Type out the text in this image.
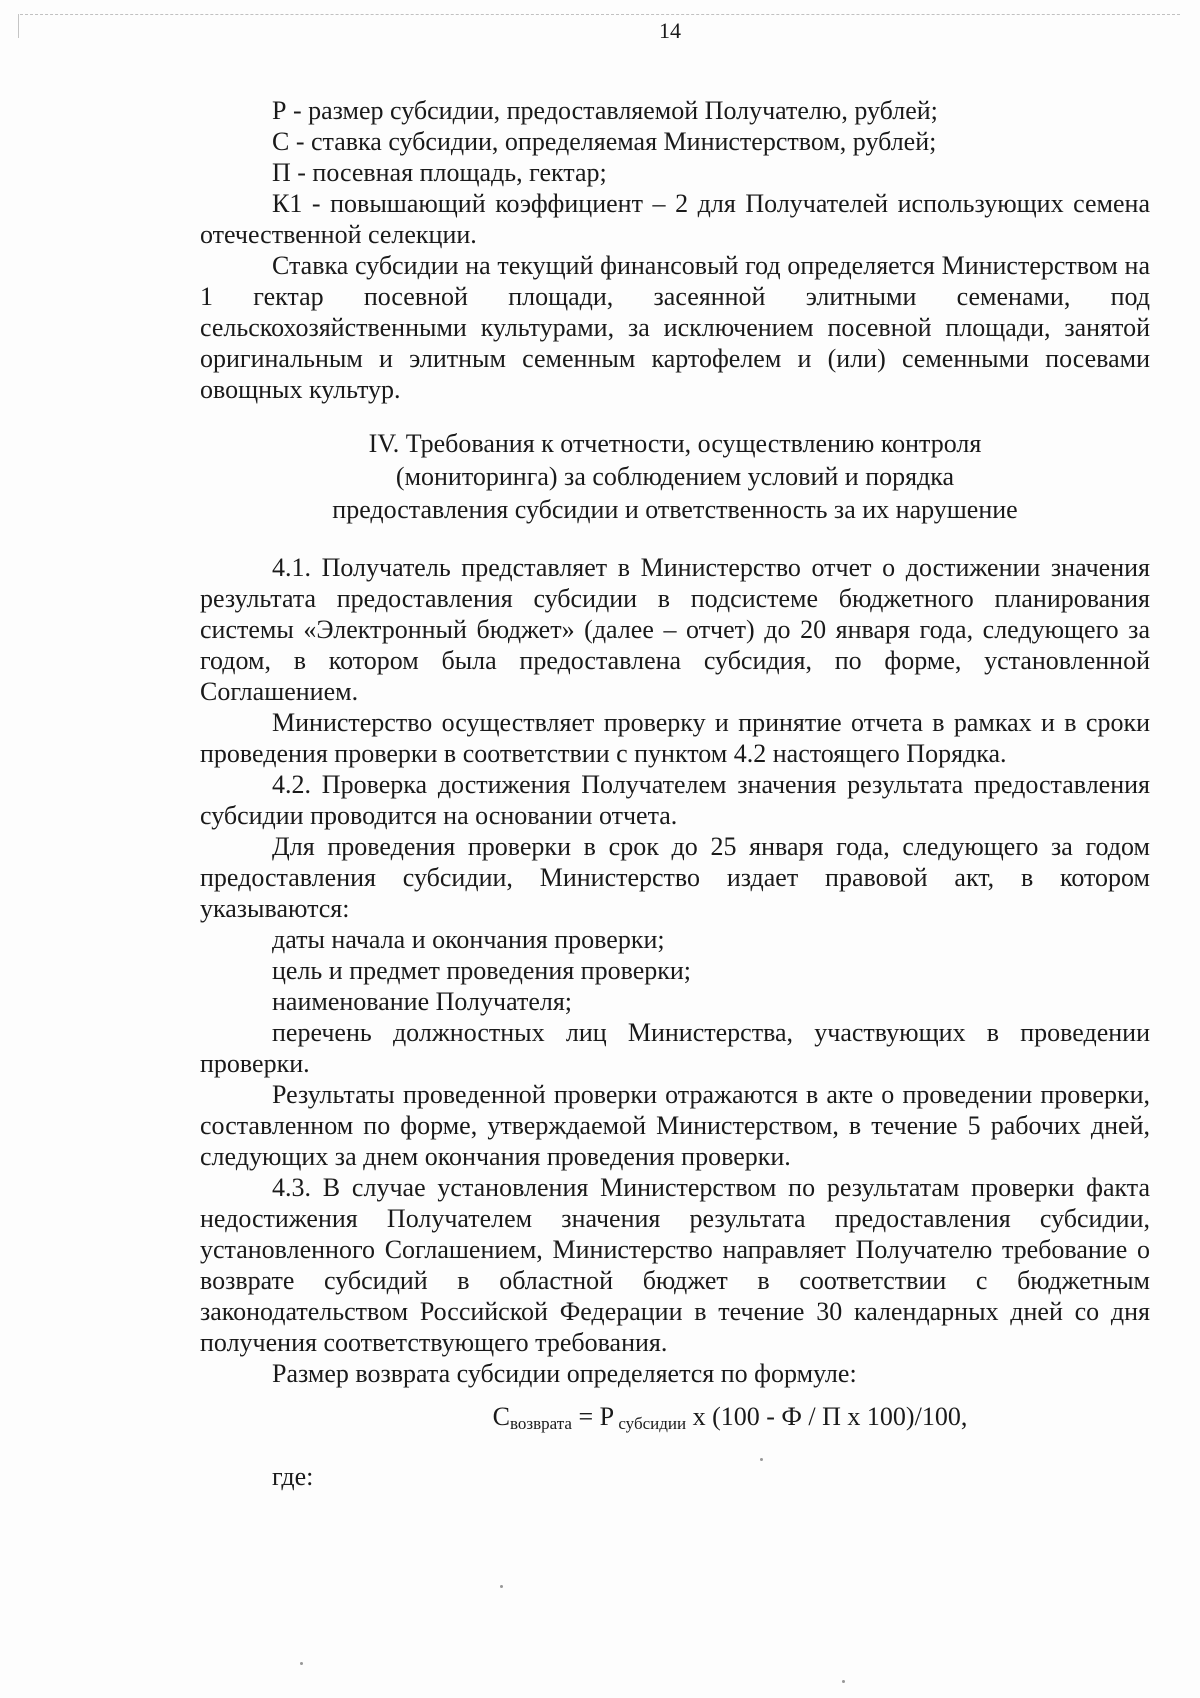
14

Р - размер субсидии, предоставляемой Получателю, рублей;

С - ставка субсидии, определяемая Министерством, рублей;

П - посевная площадь, гектар;

К1 - повышающий коэффициент – 2 для Получателей использующих семена отечественной селекции.

Ставка субсидии на текущий финансовый год определяется Министерством на 1 гектар посевной площади, засеянной элитными семенами, под сельскохозяйственными культурами, за исключением посевной площади, занятой оригинальным и элитным семенным картофелем и (или) семенными посевами овощных культур.

IV. Требования к отчетности, осуществлению контроля
(мониторинга) за соблюдением условий и порядка
предоставления субсидии и ответственность за их нарушение

4.1. Получатель представляет в Министерство отчет о достижении значения результата предоставления субсидии в подсистеме бюджетного планирования системы «Электронный бюджет» (далее – отчет) до 20 января года, следующего за годом, в котором была предоставлена субсидия, по форме, установленной Соглашением.

Министерство осуществляет проверку и принятие отчета в рамках и в сроки проведения проверки в соответствии с пунктом 4.2 настоящего Порядка.

4.2. Проверка достижения Получателем значения результата предоставления субсидии проводится на основании отчета.

Для проведения проверки в срок до 25 января года, следующего за годом предоставления субсидии, Министерство издает правовой акт, в котором указываются:

даты начала и окончания проверки;

цель и предмет проведения проверки;

наименование Получателя;

перечень должностных лиц Министерства, участвующих в проведении проверки.

Результаты проведенной проверки отражаются в акте о проведении проверки, составленном по форме, утверждаемой Министерством, в течение 5 рабочих дней, следующих за днем окончания проведения проверки.

4.3. В случае установления Министерством по результатам проверки факта недостижения Получателем значения результата предоставления субсидии, установленного Соглашением, Министерство направляет Получателю требование о возврате субсидий в областной бюджет в соответствии с бюджетным законодательством Российской Федерации в течение 30 календарных дней со дня получения соответствующего требования.

Размер возврата субсидии определяется по формуле:

$С_{возврата} = Р$ $_{субсидии}$ х (100 - Ф / П х 100)/100,

где:
